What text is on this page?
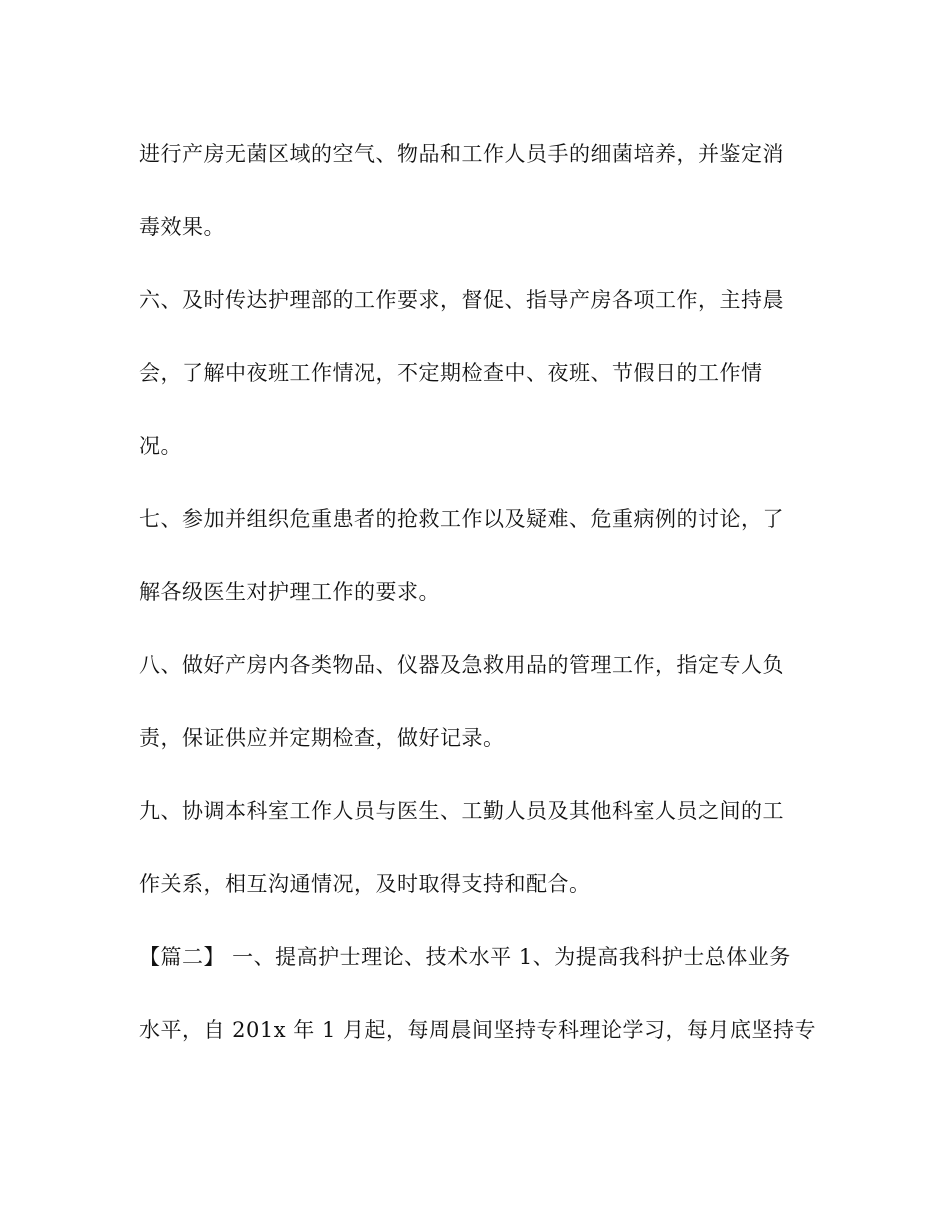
进行产房无菌区域的空气、物品和工作人员手的细菌培养，并鉴定消
毒效果。
六、及时传达护理部的工作要求，督促、指导产房各项工作，主持晨
会，了解中夜班工作情况，不定期检查中、夜班、节假日的工作情
况。
七、参加并组织危重患者的抢救工作以及疑难、危重病例的讨论，了
解各级医生对护理工作的要求。
八、做好产房内各类物品、仪器及急救用品的管理工作，指定专人负
责，保证供应并定期检查，做好记录。
九、协调本科室工作人员与医生、工勤人员及其他科室人员之间的工
作关系，相互沟通情况，及时取得支持和配合。
【篇二】 一、提高护士理论、技术水平 1、为提高我科护士总体业务
水平，自 201x 年 1 月起，每周晨间坚持专科理论学习，每月底坚持专
